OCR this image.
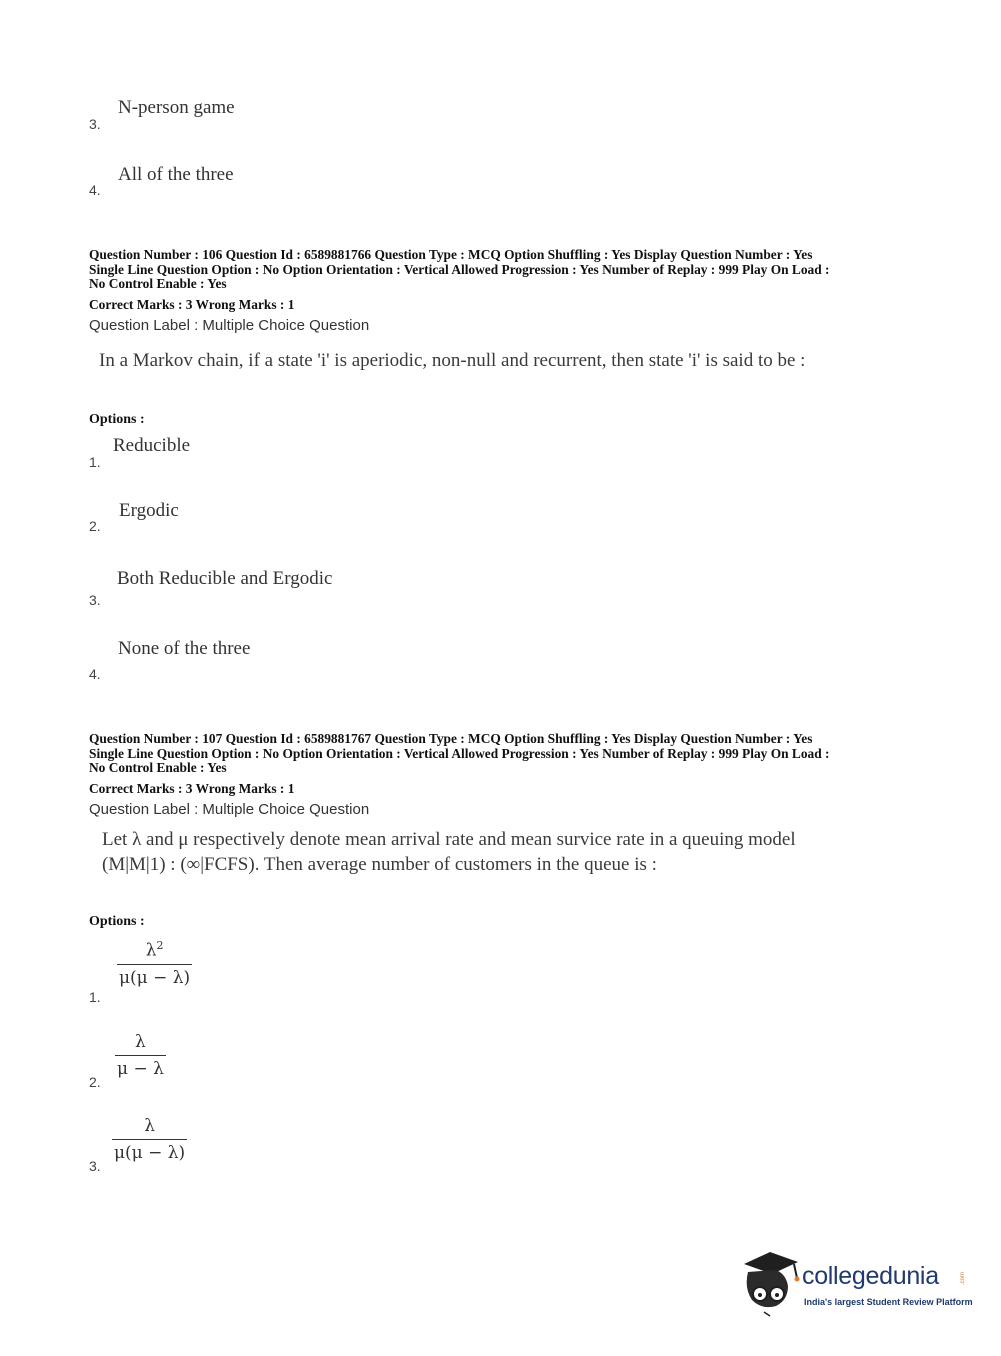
N-person game
3.
All of the three
4.
Question Number : 106 Question Id : 6589881766 Question Type : MCQ Option Shuffling : Yes Display Question Number : Yes
Single Line Question Option : No Option Orientation : Vertical Allowed Progression : Yes Number of Replay : 999 Play On Load :
No Control Enable : Yes
Correct Marks : 3 Wrong Marks : 1
Question Label : Multiple Choice Question
In a Markov chain, if a state 'i' is aperiodic, non-null and recurrent, then state 'i' is said to be :
Options :
Reducible
1.
Ergodic
2.
Both Reducible and Ergodic
3.
None of the three
4.
Question Number : 107 Question Id : 6589881767 Question Type : MCQ Option Shuffling : Yes Display Question Number : Yes
Single Line Question Option : No Option Orientation : Vertical Allowed Progression : Yes Number of Replay : 999 Play On Load :
No Control Enable : Yes
Correct Marks : 3 Wrong Marks : 1
Question Label : Multiple Choice Question
Let λ and μ respectively denote mean arrival rate and mean survice rate in a queuing model (M|M|1) : (∞|FCFS). Then average number of customers in the queue is :
Options :
$\frac{\lambda^2}{\mu(\mu - \lambda)}$
1.
$\frac{\lambda}{\mu - \lambda}$
2.
$\frac{\lambda}{\mu(\mu - \lambda)}$
3.
collegedunia	.com
India's largest Student Review Platform
